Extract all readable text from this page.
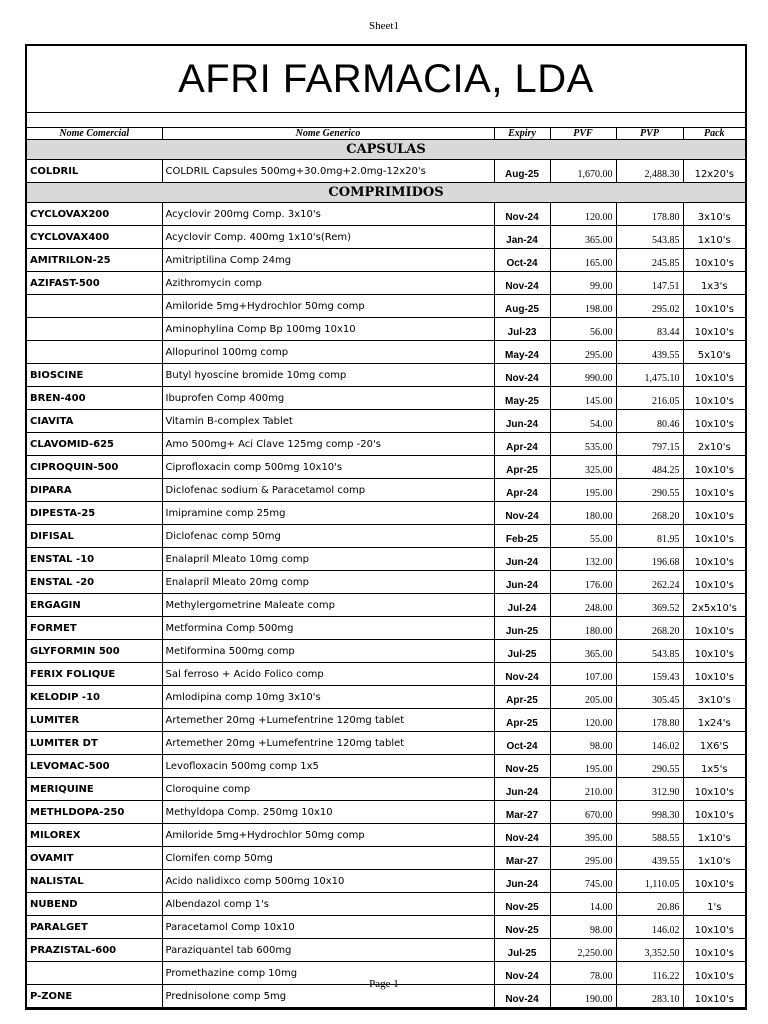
Sheet1
AFRI FARMACIA, LDA
Nome Comercial	Nome Generico	Expiry	PVF	PVP	Pack
CAPSULAS					
COLDRIL	COLDRIL Capsules 500mg+30.0mg+2.0mg-12x20's	Aug-25	1,670.00	2,488.30	12x20's
COMPRIMIDOS					
CYCLOVAX200	Acyclovir 200mg Comp. 3x10's	Nov-24	120.00	178.80	3x10's
CYCLOVAX400	Acyclovir Comp. 400mg 1x10's(Rem)	Jan-24	365.00	543.85	1x10's
AMITRILON-25	Amitriptilina Comp 24mg	Oct-24	165.00	245.85	10x10's
AZIFAST-500	Azithromycin comp	Nov-24	99.00	147.51	1x3's
	Amiloride 5mg+Hydrochlor 50mg comp	Aug-25	198.00	295.02	10x10's
	Aminophylina Comp Bp 100mg 10x10	Jul-23	56.00	83.44	10x10's
	Allopurinol 100mg comp	May-24	295.00	439.55	5x10's
BIOSCINE	Butyl hyoscine bromide 10mg comp	Nov-24	990.00	1,475.10	10x10's
BREN-400	Ibuprofen Comp 400mg	May-25	145.00	216.05	10x10's
CIAVITA	Vitamin B-complex Tablet	Jun-24	54.00	80.46	10x10's
CLAVOMID-625	Amo 500mg+ Aci Clave 125mg comp -20's	Apr-24	535.00	797.15	2x10's
CIPROQUIN-500	Ciprofloxacin comp 500mg 10x10's	Apr-25	325.00	484.25	10x10's
DIPARA	Diclofenac sodium & Paracetamol comp	Apr-24	195.00	290.55	10x10's
DIPESTA-25	Imipramine comp 25mg	Nov-24	180.00	268.20	10x10's
DIFISAL	Diclofenac comp 50mg	Feb-25	55.00	81.95	10x10's
ENSTAL -10	Enalapril Mleato 10mg comp	Jun-24	132.00	196.68	10x10's
ENSTAL -20	Enalapril Mleato 20mg comp	Jun-24	176.00	262.24	10x10's
ERGAGIN	Methylergometrine Maleate comp	Jul-24	248.00	369.52	2x5x10's
FORMET	Metformina Comp 500mg	Jun-25	180.00	268.20	10x10's
GLYFORMIN 500	Metiformina 500mg comp	Jul-25	365.00	543.85	10x10's
FERIX FOLIQUE	Sal ferroso + Acido Folico comp	Nov-24	107.00	159.43	10x10's
KELODIP -10	Amlodipina comp 10mg 3x10's	Apr-25	205.00	305.45	3x10's
LUMITER	Artemether 20mg +Lumefentrine 120mg tablet	Apr-25	120.00	178.80	1x24's
LUMITER DT	Artemether 20mg +Lumefentrine 120mg tablet	Oct-24	98.00	146.02	1X6'S
LEVOMAC-500	Levofloxacin 500mg comp 1x5	Nov-25	195.00	290.55	1x5's
MERIQUINE	Cloroquine comp	Jun-24	210.00	312.90	10x10's
METHLDOPA-250	Methyldopa Comp. 250mg 10x10	Mar-27	670.00	998.30	10x10's
MILOREX	Amiloride 5mg+Hydrochlor 50mg comp	Nov-24	395.00	588.55	1x10's
OVAMIT	Clomifen comp 50mg	Mar-27	295.00	439.55	1x10's
NALISTAL	Acido nalidixco comp 500mg 10x10	Jun-24	745.00	1,110.05	10x10's
NUBEND	Albendazol comp 1's	Nov-25	14.00	20.86	1's
PARALGET	Paracetamol Comp 10x10	Nov-25	98.00	146.02	10x10's
PRAZISTAL-600	Paraziquantel tab 600mg	Jul-25	2,250.00	3,352.50	10x10's
	Promethazine comp 10mg	Nov-24	78.00	116.22	10x10's
P-ZONE	Prednisolone comp 5mg	Nov-24	190.00	283.10	10x10's
Page 1
